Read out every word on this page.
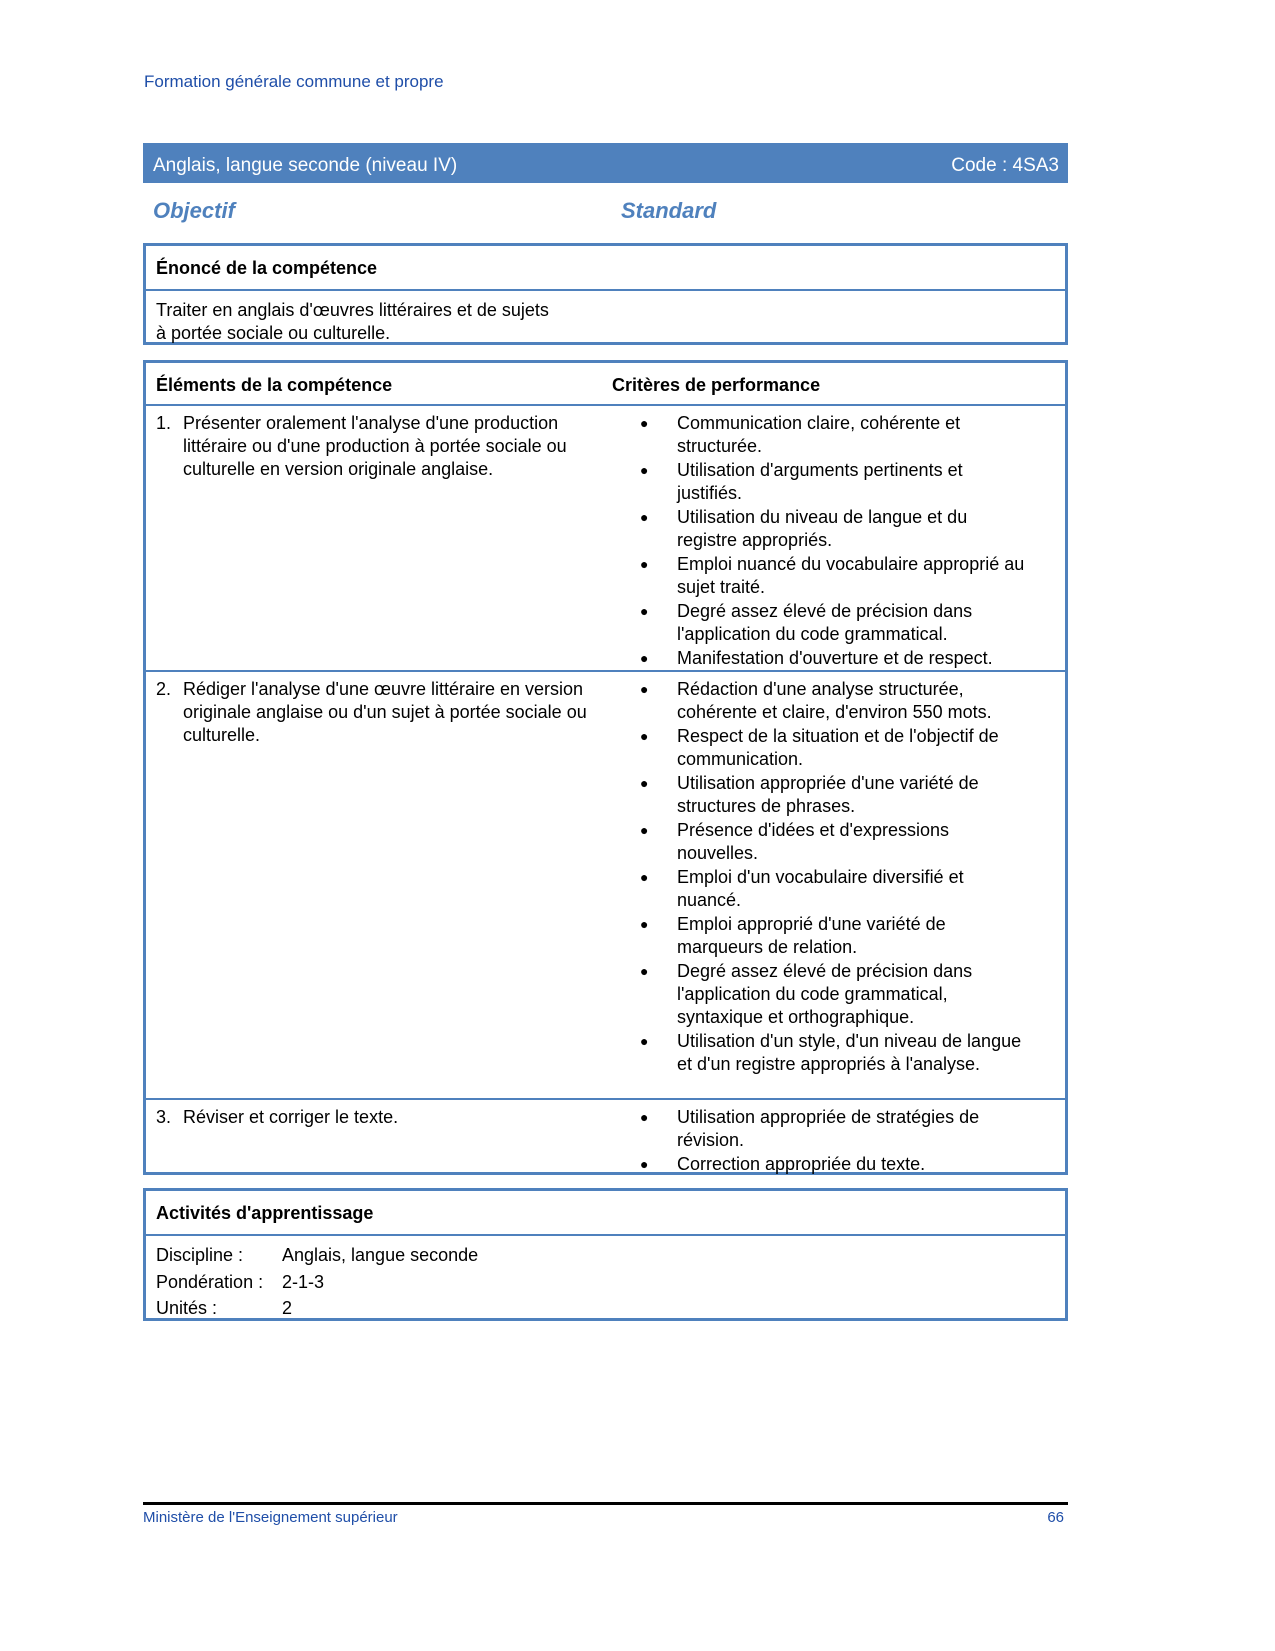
Formation générale commune et propre
Anglais, langue seconde (niveau IV)	Code : 4SA3
Objectif	Standard
Énoncé de la compétence
Traiter en anglais d'œuvres littéraires et de sujets
à portée sociale ou culturelle.
Éléments de la compétence	Critères de performance
1. Présenter oralement l'analyse d'une production littéraire ou d'une production à portée sociale ou culturelle en version originale anglaise.
●	Communication claire, cohérente et structurée.
●	Utilisation d'arguments pertinents et justifiés.
●	Utilisation du niveau de langue et du registre appropriés.
●	Emploi nuancé du vocabulaire approprié au sujet traité.
●	Degré assez élevé de précision dans l'application du code grammatical.
●	Manifestation d'ouverture et de respect.
2. Rédiger l'analyse d'une œuvre littéraire en version originale anglaise ou d'un sujet à portée sociale ou culturelle.
●	Rédaction d'une analyse structurée, cohérente et claire, d'environ 550 mots.
●	Respect de la situation et de l'objectif de communication.
●	Utilisation appropriée d'une variété de structures de phrases.
●	Présence d'idées et d'expressions nouvelles.
●	Emploi d'un vocabulaire diversifié et nuancé.
●	Emploi approprié d'une variété de marqueurs de relation.
●	Degré assez élevé de précision dans l'application du code grammatical, syntaxique et orthographique.
●	Utilisation d'un style, d'un niveau de langue et d'un registre appropriés à l'analyse.
3. Réviser et corriger le texte.	●	Utilisation appropriée de stratégies de révision.
●	Correction appropriée du texte.
Activités d'apprentissage
Discipline :	Anglais, langue seconde
Pondération :	2-1-3
Unités :	2
Ministère de l'Enseignement supérieur	66
